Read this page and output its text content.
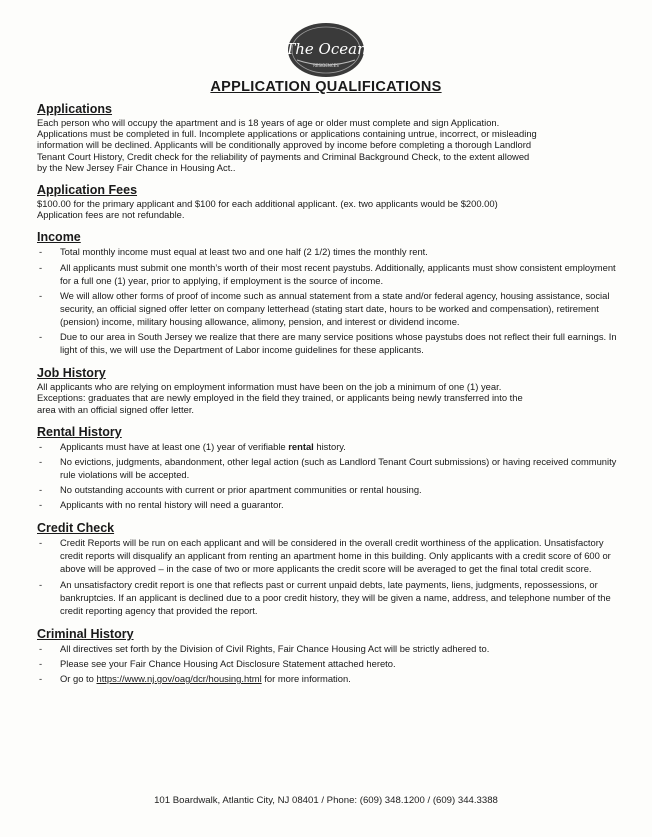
The Ocean
RESIDENCES
APPLICATION QUALIFICATIONS
Applications

Each person who will occupy the apartment and is 18 years of age or older must complete and sign Application.

Applications must be completed in full. Incomplete applications or applications containing untrue, incorrect, or misleading

information will be declined. Applicants will be conditionally approved by income before completing a thorough Landlord

Tenant Court History, Credit check for the reliability of payments and Criminal Background Check, to the extent allowed

by the New Jersey Fair Chance in Housing Act..

Application Fees

$100.00 for the primary applicant and $100 for each additional applicant. (ex. two applicants would be $200.00)

Application fees are not refundable.

Income
- Total monthly income must equal at least two and one half (2 1/2) times the monthly rent.
- All applicants must submit one month’s worth of their most recent paystubs. Additionally, applicants must show consistent employment for a full one (1) year, prior to applying, if employment is the source of income.
- We will allow other forms of proof of income such as annual statement from a state and/or federal agency, housing assistance, social security, an official signed offer letter on company letterhead (stating start date, hours to be worked and compensation), retirement (pension) income, military housing allowance, alimony, pension, and interest or dividend income.
- Due to our area in South Jersey we realize that there are many service positions whose paystubs does not reflect their full earnings. In light of this, we will use the Department of Labor income guidelines for these applicants.
Job History

All applicants who are relying on employment information must have been on the job a minimum of one (1) year.

Exceptions: graduates that are newly employed in the field they trained, or applicants being newly transferred into the

area with an official signed offer letter.

Rental History
- Applicants must have at least one (1) year of verifiable rental history.
- No evictions, judgments, abandonment, other legal action (such as Landlord Tenant Court submissions) or having received community rule violations will be accepted.
- No outstanding accounts with current or prior apartment communities or rental housing.
- Applicants with no rental history will need a guarantor.
Credit Check
- Credit Reports will be run on each applicant and will be considered in the overall credit worthiness of the application. Unsatisfactory credit reports will disqualify an applicant from renting an apartment home in this building. Only applicants with a credit score of 600 or above will be approved – in the case of two or more applicants the credit score will be averaged to get the final total credit score.
- An unsatisfactory credit report is one that reflects past or current unpaid debts, late payments, liens, judgments, repossessions, or bankruptcies. If an applicant is declined due to a poor credit history, they will be given a name, address, and telephone number of the credit reporting agency that provided the report.
Criminal History
- All directives set forth by the Division of Civil Rights, Fair Chance Housing Act will be strictly adhered to.
- Please see your Fair Chance Housing Act Disclosure Statement attached hereto.
- Or go to https://www.nj.gov/oag/dcr/housing.html for more information.
101 Boardwalk, Atlantic City, NJ 08401 / Phone: (609) 348.1200 / (609) 344.3388
